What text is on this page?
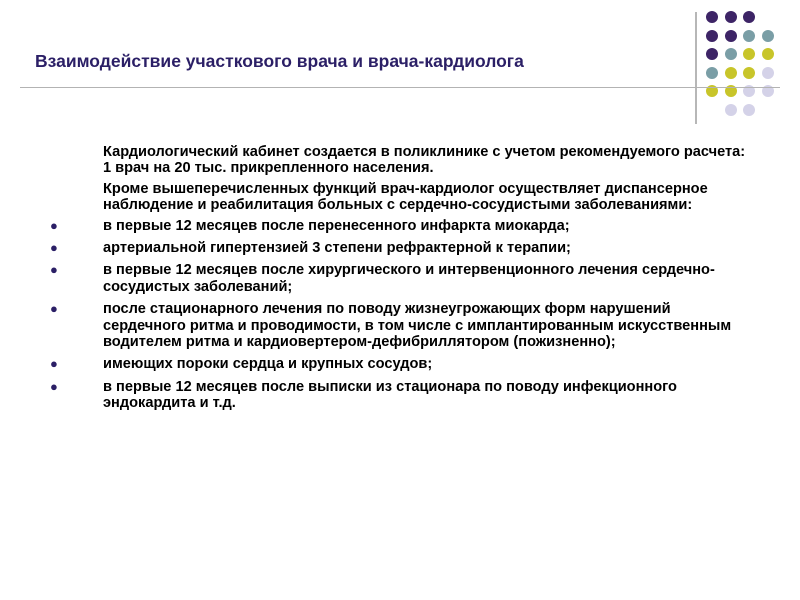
Взаимодействие участкового врача и врача-кардиолога

Кардиологический кабинет создается в поликлинике с учетом рекомендуемого расчета: 1 врач на 20 тыс. прикрепленного населения.

Кроме вышеперечисленных функций врач-кардиолог осуществляет диспансерное наблюдение и реабилитация больных с сердечно-сосудистыми заболеваниями:

●	в первые 12 месяцев после перенесенного инфаркта миокарда;
●	артериальной гипертензией 3 степени рефрактерной к терапии;
●	в первые 12 месяцев после хирургического и интервенционного лечения сердечно-сосудистых заболеваний;
●	после стационарного лечения по поводу жизнеугрожающих форм нарушений сердечного ритма и проводимости, в том числе с имплантированным искусственным водителем ритма и кардиовертером-дефибриллятором (пожизненно);
●	имеющих пороки сердца и крупных сосудов;
●	в первые 12 месяцев после выписки из стационара по поводу инфекционного эндокардита и т.д.
